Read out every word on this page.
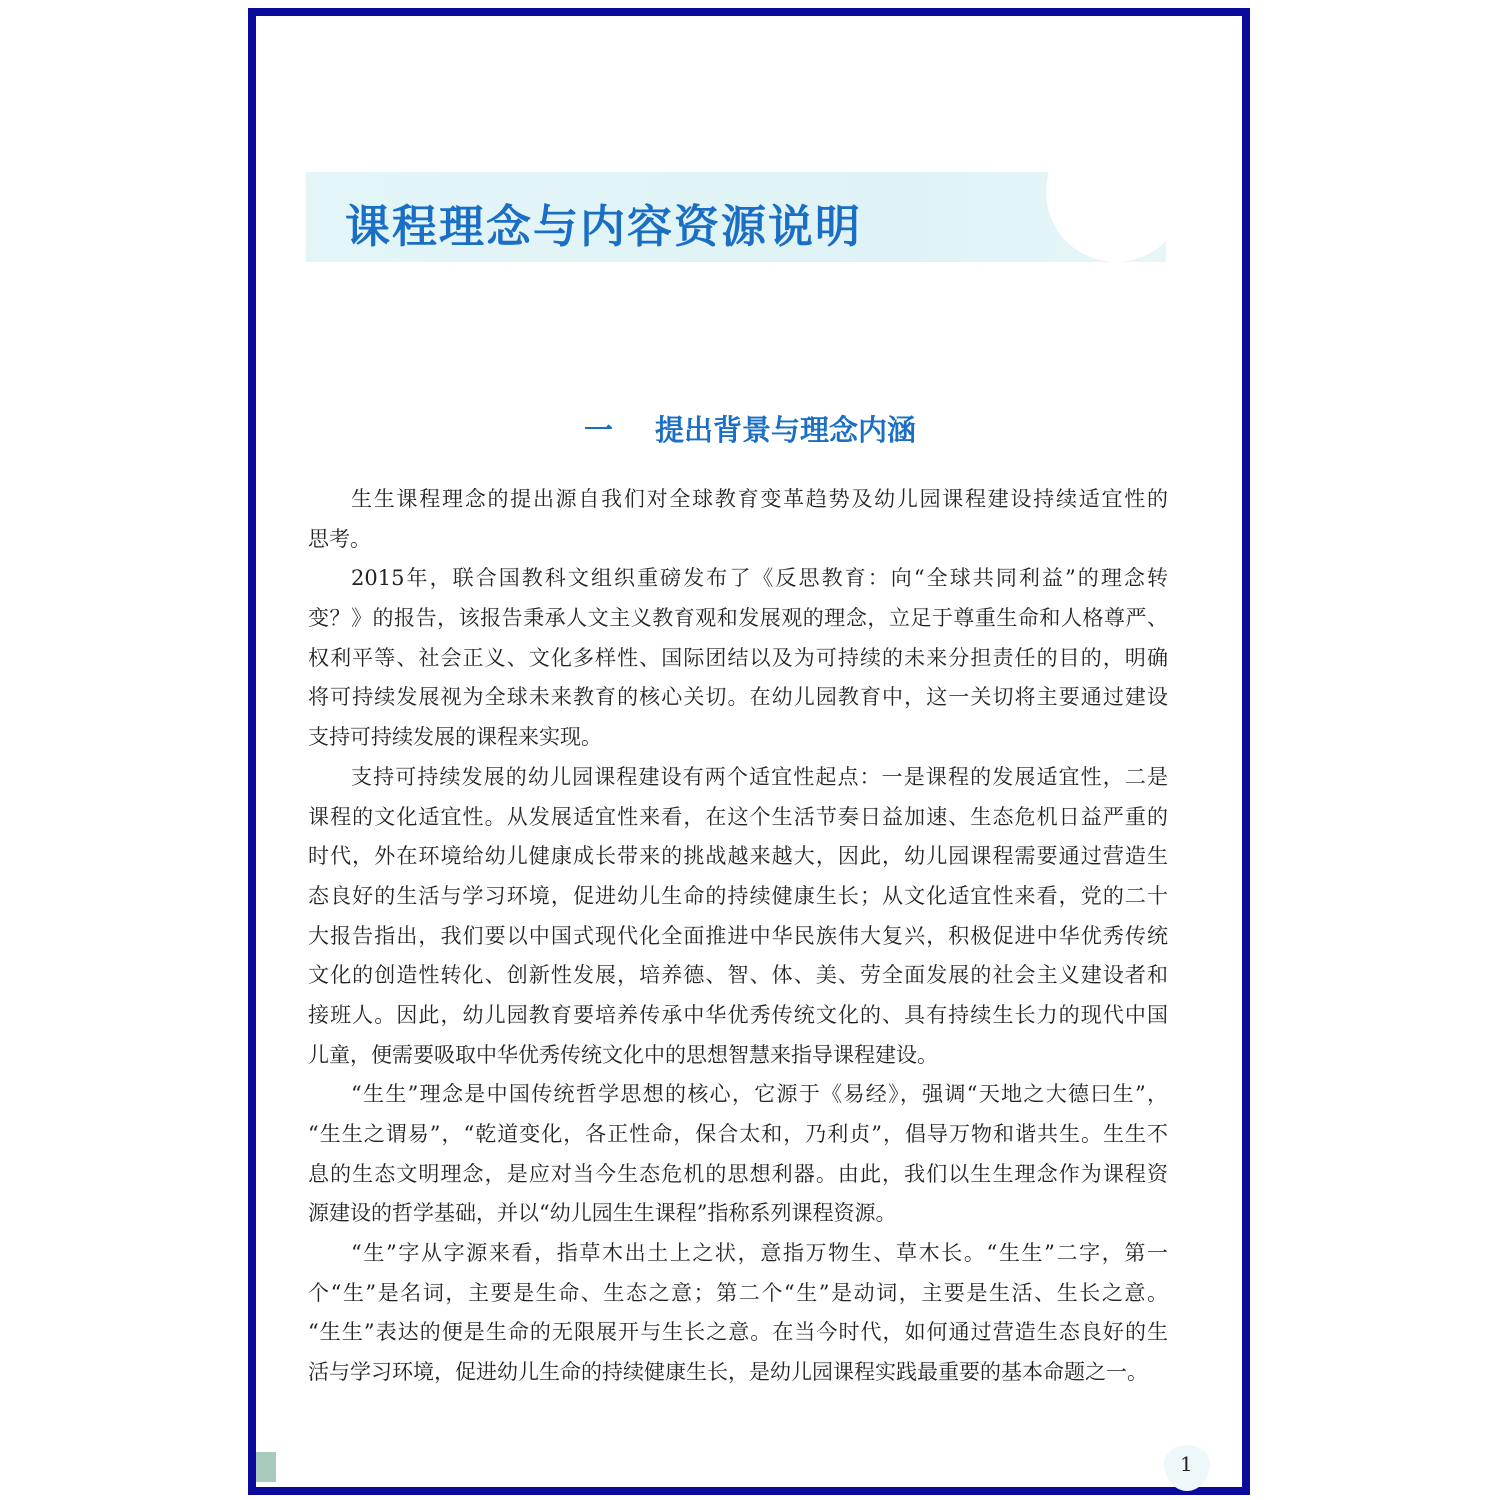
课程理念与内容资源说明
一 提出背景与理念内涵
生生课程理念的提出源自我们对全球教育变革趋势及幼儿园课程建设持续适宜性的
思考。
2015年，联合国教科文组织重磅发布了《反思教育：向“全球共同利益”的理念转
变？》的报告，该报告秉承人文主义教育观和发展观的理念，立足于尊重生命和人格尊严、
权利平等、社会正义、文化多样性、国际团结以及为可持续的未来分担责任的目的，明确
将可持续发展视为全球未来教育的核心关切。在幼儿园教育中，这一关切将主要通过建设
支持可持续发展的课程来实现。
支持可持续发展的幼儿园课程建设有两个适宜性起点：一是课程的发展适宜性，二是
课程的文化适宜性。从发展适宜性来看，在这个生活节奏日益加速、生态危机日益严重的
时代，外在环境给幼儿健康成长带来的挑战越来越大，因此，幼儿园课程需要通过营造生
态良好的生活与学习环境，促进幼儿生命的持续健康生长；从文化适宜性来看，党的二十
大报告指出，我们要以中国式现代化全面推进中华民族伟大复兴，积极促进中华优秀传统
文化的创造性转化、创新性发展，培养德、智、体、美、劳全面发展的社会主义建设者和
接班人。因此，幼儿园教育要培养传承中华优秀传统文化的、具有持续生长力的现代中国
儿童，便需要吸取中华优秀传统文化中的思想智慧来指导课程建设。
“生生”理念是中国传统哲学思想的核心，它源于《易经》，强调“天地之大德曰生”，
“生生之谓易”，“乾道变化，各正性命，保合太和，乃利贞”，倡导万物和谐共生。生生不
息的生态文明理念，是应对当今生态危机的思想利器。由此，我们以生生理念作为课程资
源建设的哲学基础，并以“幼儿园生生课程”指称系列课程资源。
“生”字从字源来看，指草木出土上之状，意指万物生、草木长。“生生”二字，第一
个“生”是名词，主要是生命、生态之意；第二个“生”是动词，主要是生活、生长之意。
“生生”表达的便是生命的无限展开与生长之意。在当今时代，如何通过营造生态良好的生
活与学习环境，促进幼儿生命的持续健康生长，是幼儿园课程实践最重要的基本命题之一。
1
